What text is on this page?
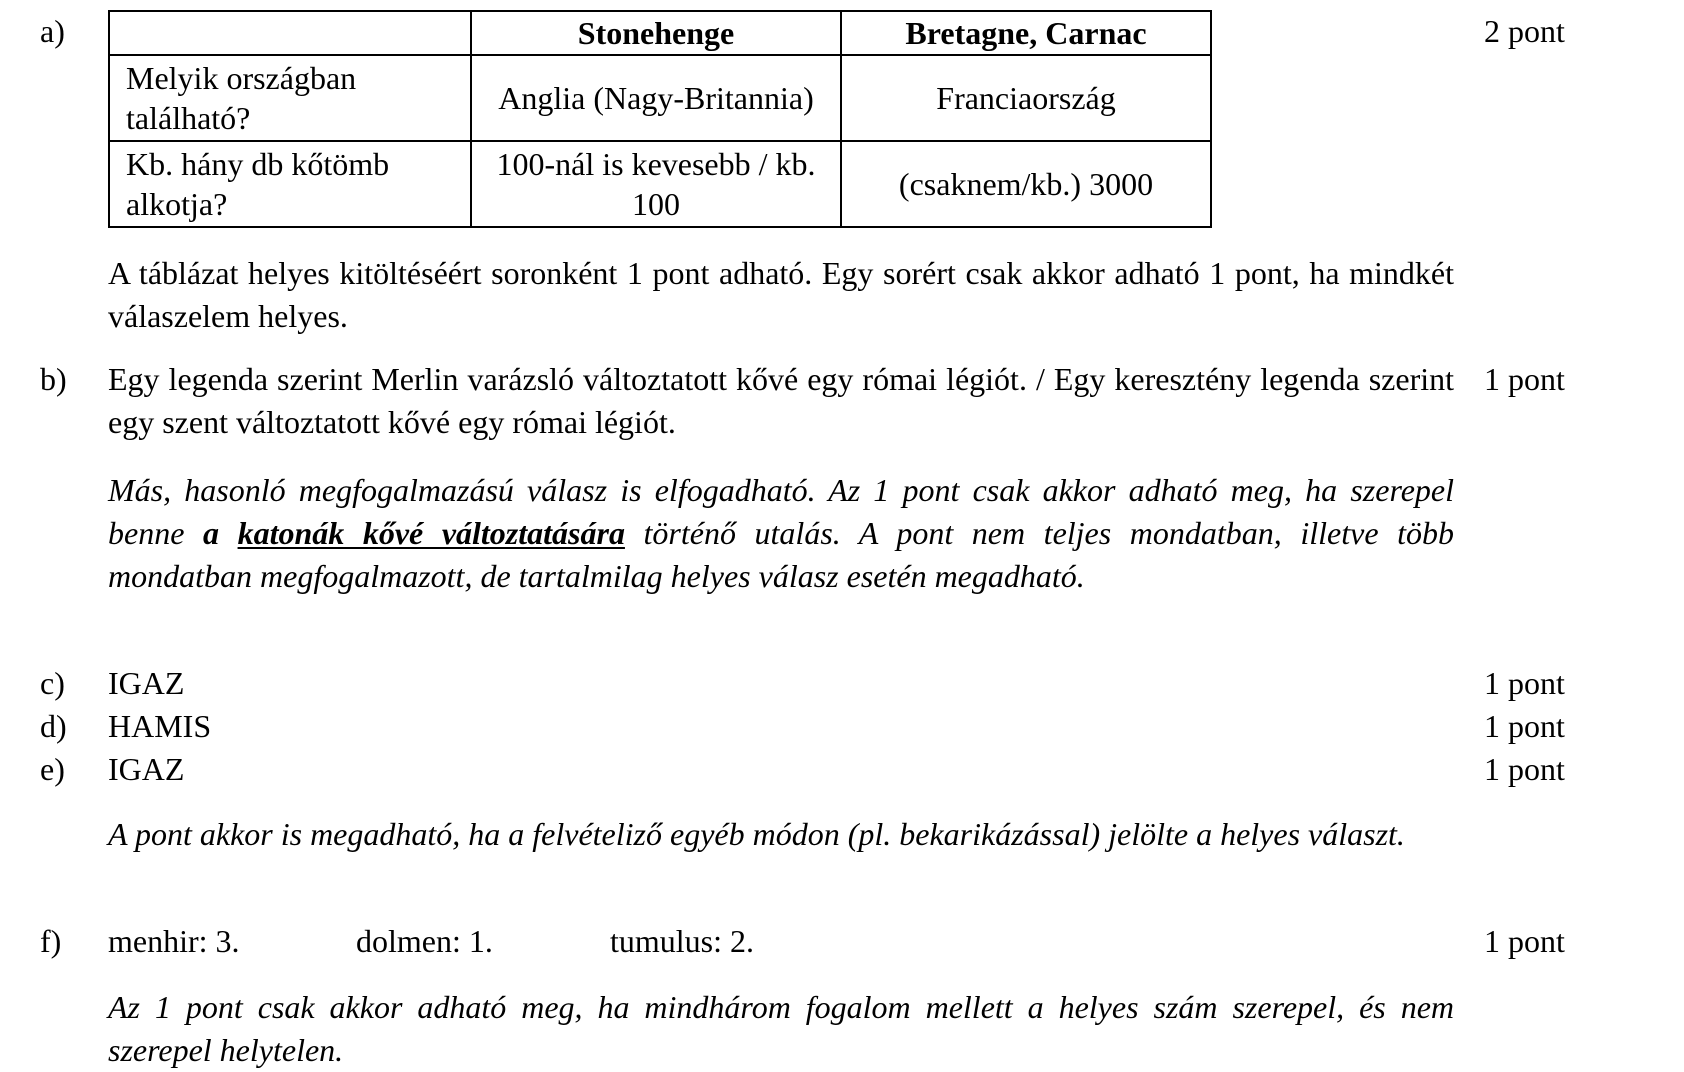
a)	2 pont
	Stonehenge	Bretagne, Carnac
Melyik országban található?	Anglia (Nagy-Britannia)	Franciaország
Kb. hány db kőtömb alkotja?	100-nál is kevesebb / kb. 100	(csaknem/kb.) 3000
A táblázat helyes kitöltéséért soronként 1 pont adható. Egy sorért csak akkor adható 1 pont, ha mindkét válaszelem helyes.
b)	1 pont
Egy legenda szerint Merlin varázsló változtatott kővé egy római légiót. / Egy keresztény legenda szerint egy szent változtatott kővé egy római légiót.
Más, hasonló megfogalmazású válasz is elfogadható. Az 1 pont csak akkor adható meg, ha szerepel benne a katonák kővé változtatására történő utalás. A pont nem teljes mondatban, illetve több mondatban megfogalmazott, de tartalmilag helyes válasz esetén megadható.
c) IGAZ	1 pont
d) HAMIS	1 pont
e) IGAZ	1 pont
A pont akkor is megadható, ha a felvételiző egyéb módon (pl. bekarikázással) jelölte a helyes választ.
f) menhir: 3.	dolmen: 1.	tumulus: 2.	1 pont
Az 1 pont csak akkor adható meg, ha mindhárom fogalom mellett a helyes szám szerepel, és nem szerepel helytelen.
